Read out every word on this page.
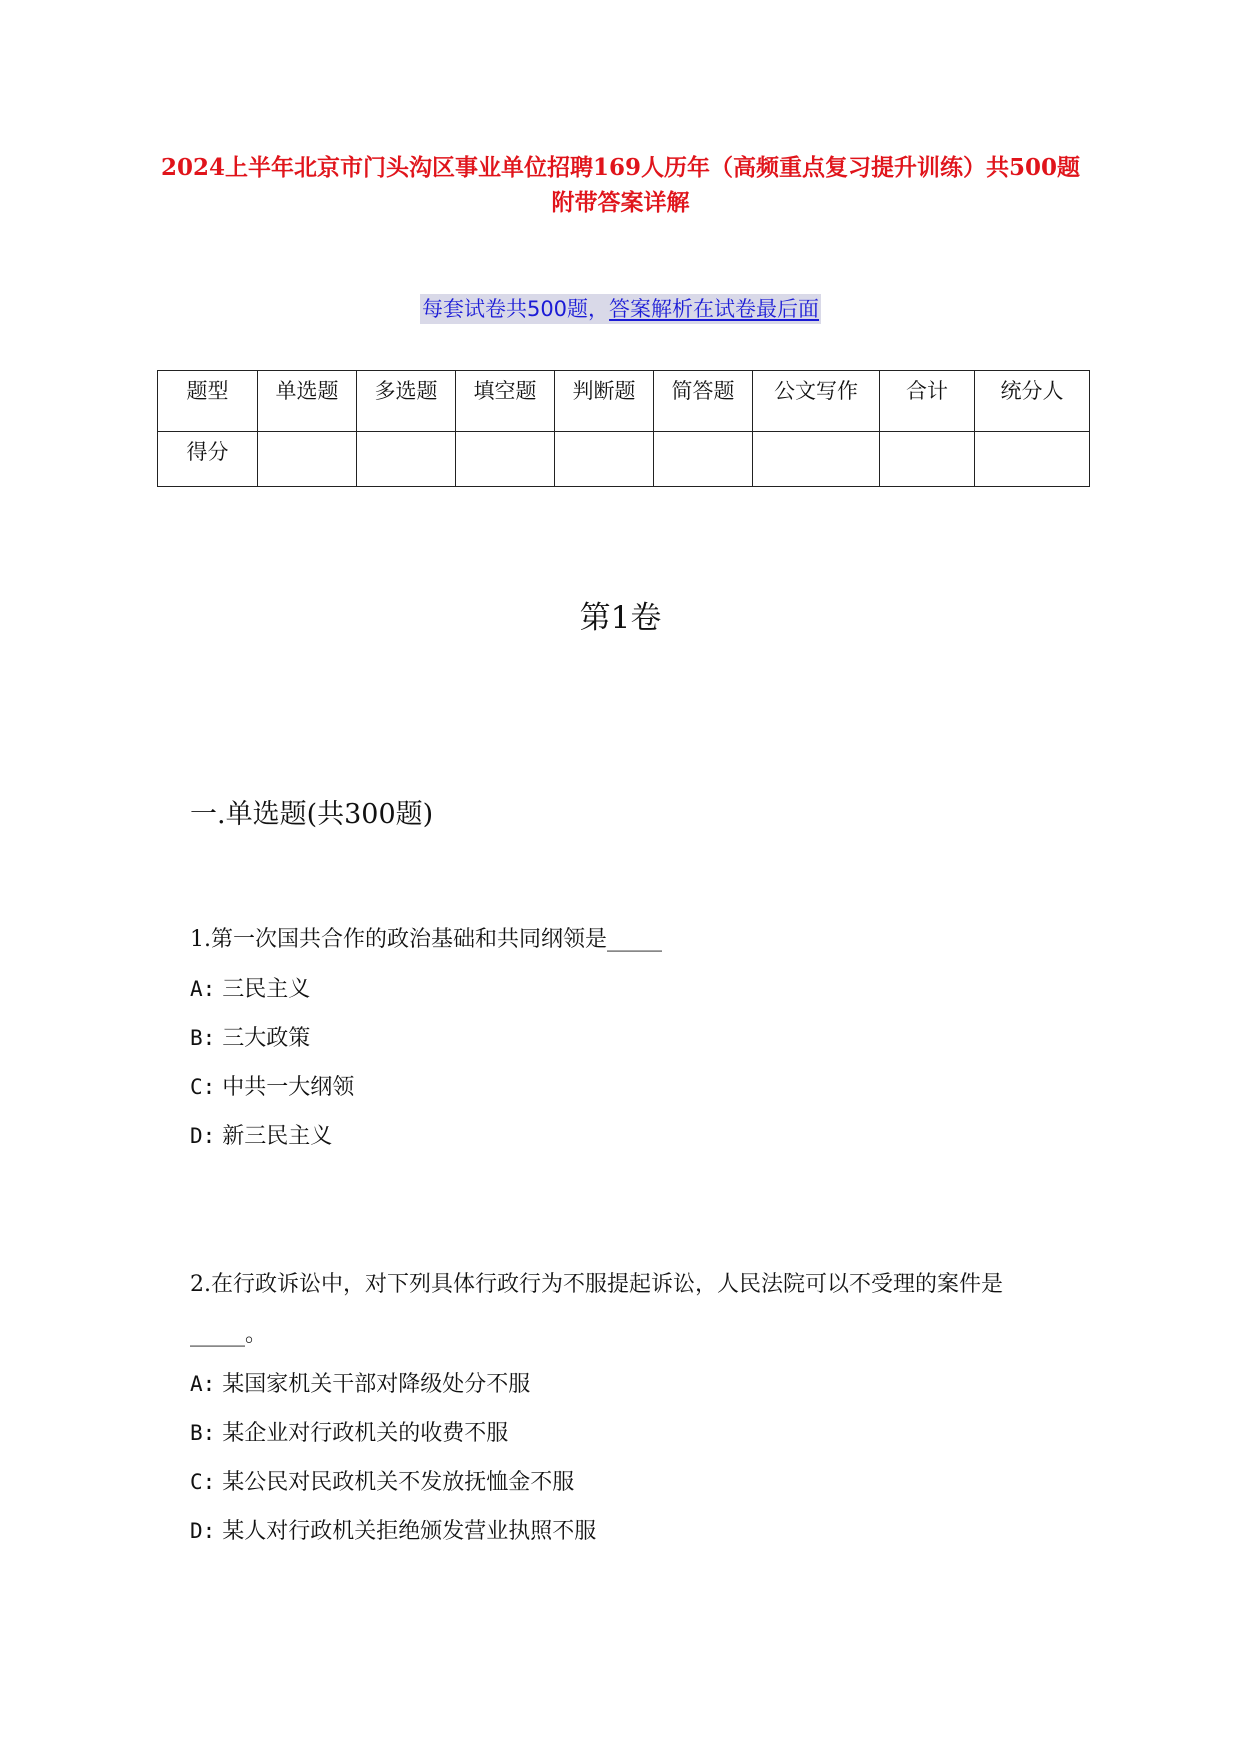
2024上半年北京市门头沟区事业单位招聘169人历年（高频重点复习提升训练）共500题附带答案详解
每套试卷共500题，答案解析在试卷最后面
题型	单选题	多选题	填空题	判断题	简答题	公文写作	合计	统分人
得分								
第1卷
一.单选题(共300题)

1.第一次国共合作的政治基础和共同纲领是_____

A: 三民主义

B: 三大政策

C: 中共一大纲领

D: 新三民主义

2.在行政诉讼中，对下列具体行政行为不服提起诉讼，人民法院可以不受理的案件是_____。

A: 某国家机关干部对降级处分不服

B: 某企业对行政机关的收费不服

C: 某公民对民政机关不发放抚恤金不服

D: 某人对行政机关拒绝颁发营业执照不服
